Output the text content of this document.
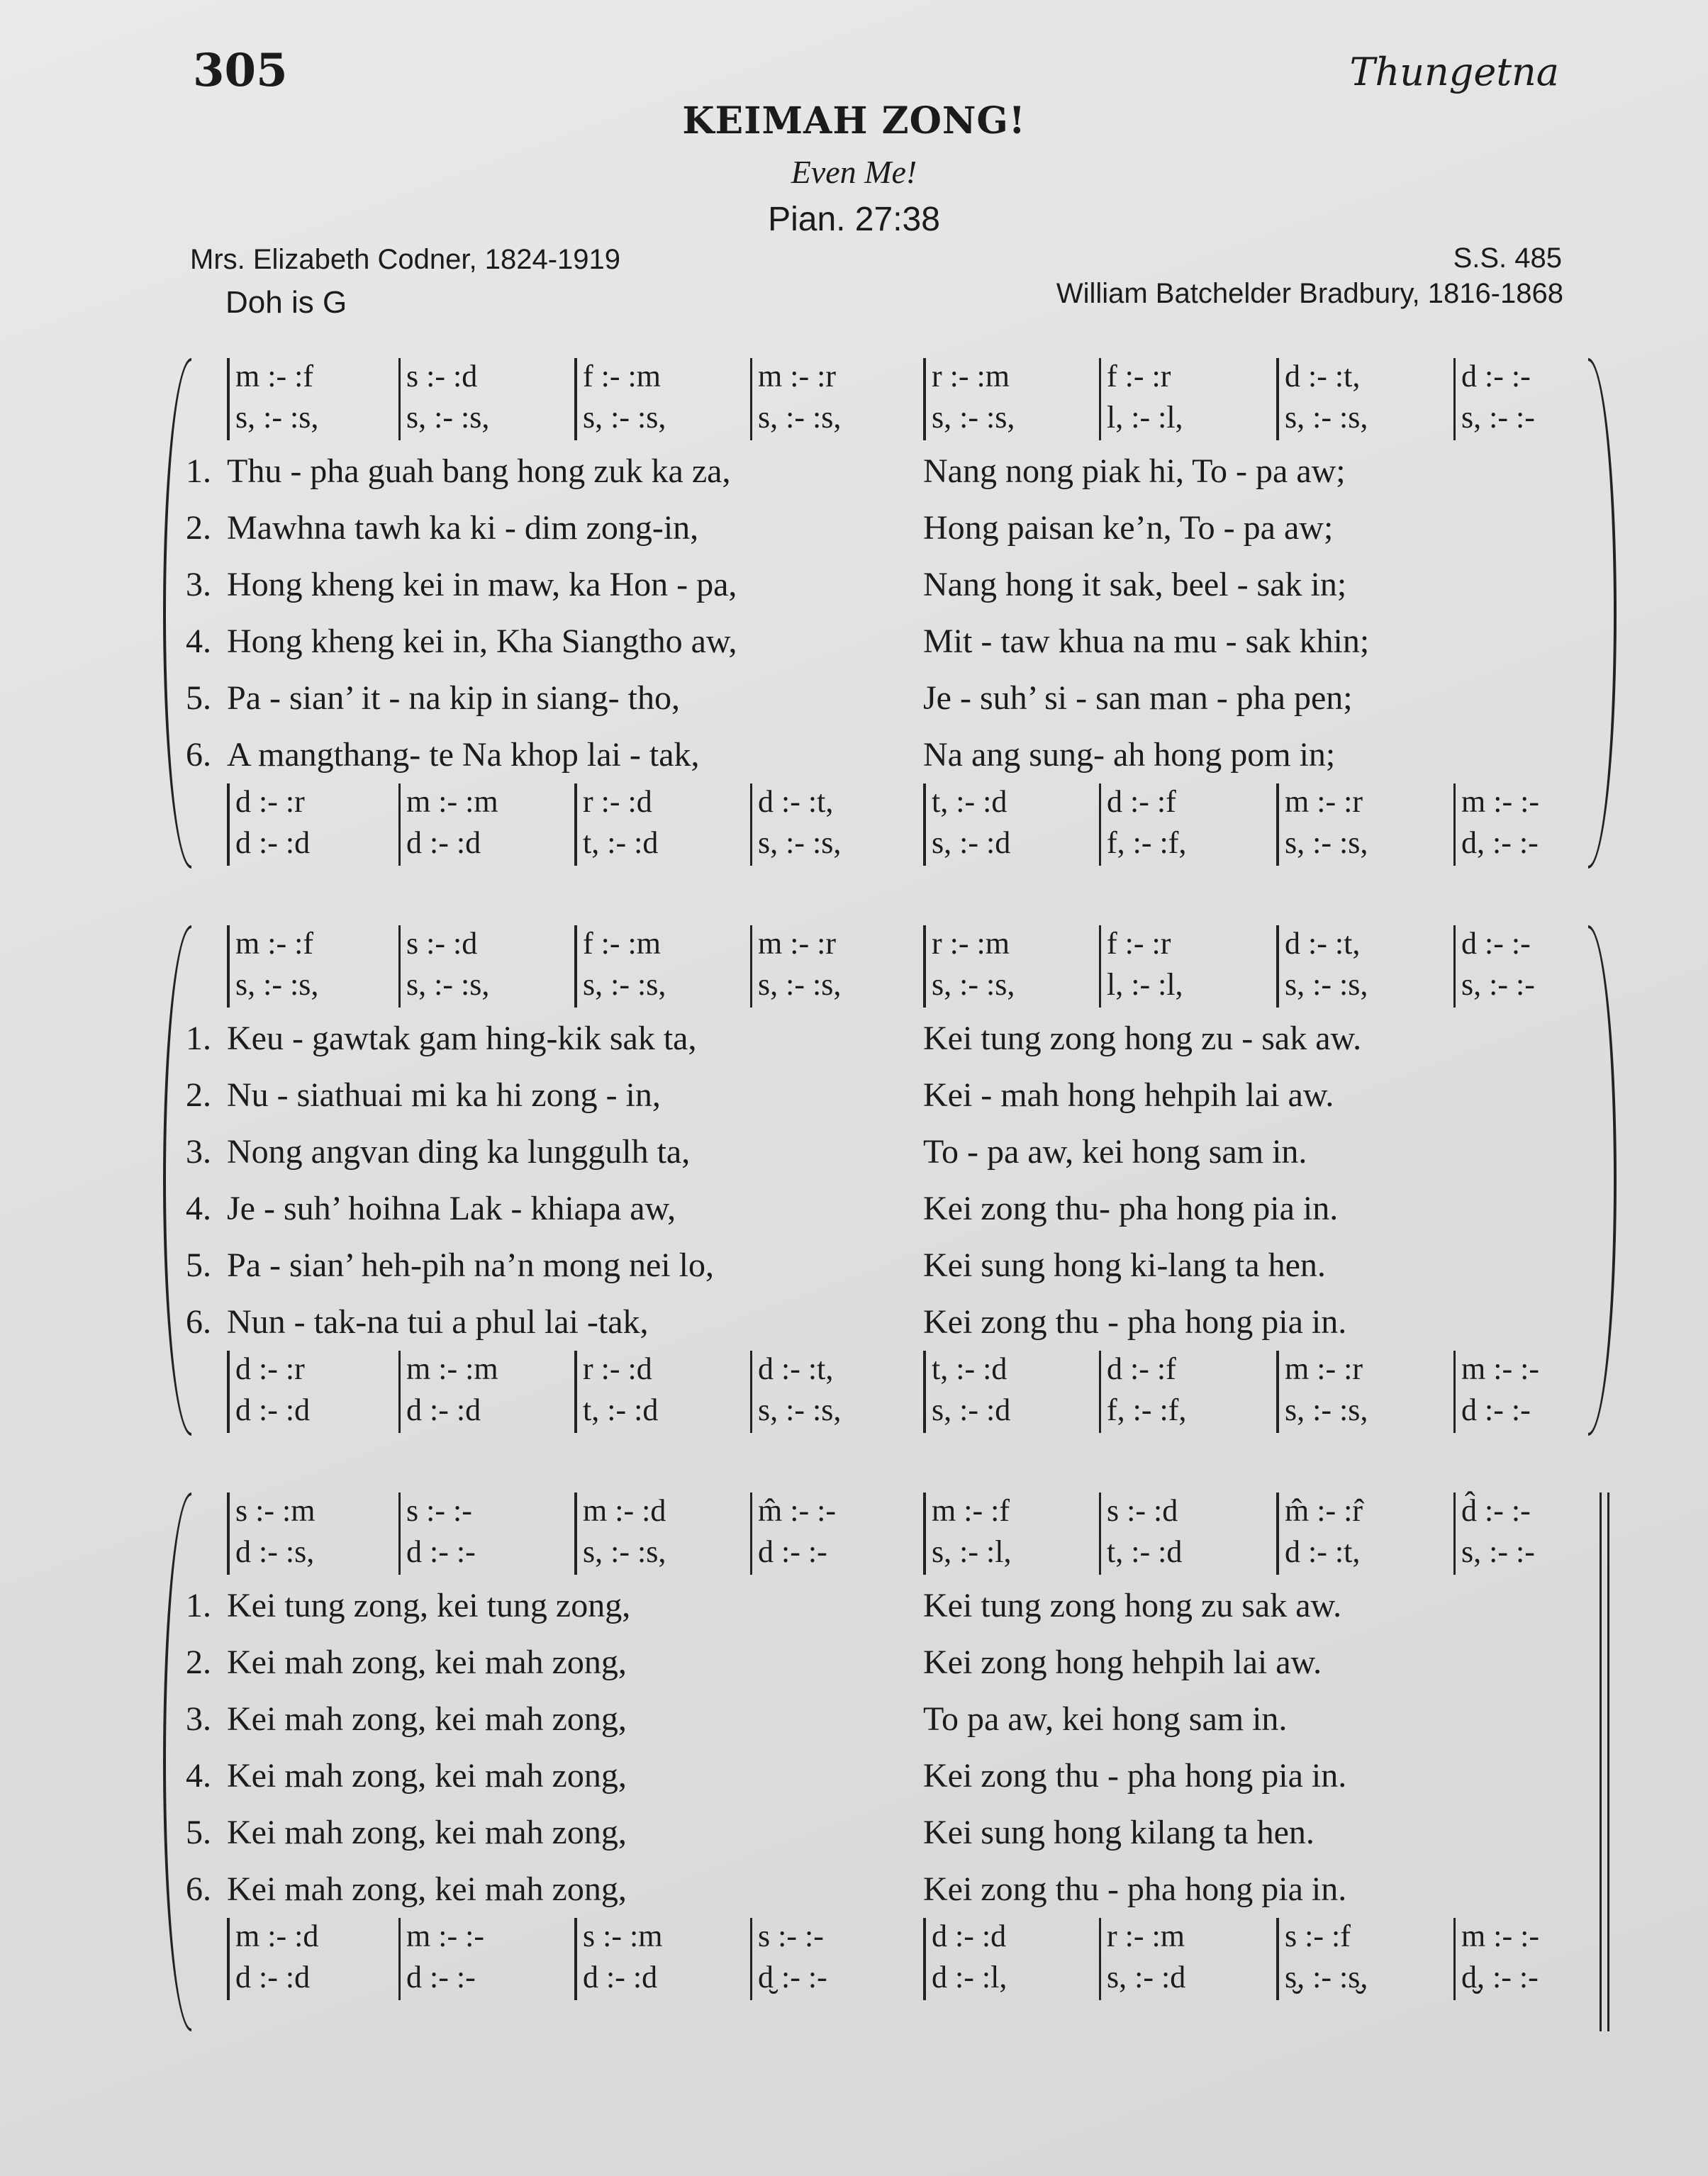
305	Thungetna
KEIMAH ZONG!
Even Me!
Pian. 27:38
Mrs. Elizabeth Codner, 1824-1919
Doh is G
S.S. 485
William Batchelder Bradbury, 1816-1868
m :- :f	s :- :d	f :- :m	m :- :r	r :- :m	f :- :r	d :- :t,	d :- :-
s, :- :s,	s, :- :s,	s, :- :s,	s, :- :s,	s, :- :s,	l, :- :l,	s, :- :s,	s, :- :-
1. Thu - pha guah bang hong zuk ka za,	Nang nong piak hi, To - pa aw;
2. Mawhna tawh ka ki - dim zong-in,	Hong paisan ke’n, To - pa aw;
3. Hong kheng kei in maw, ka Hon - pa,	Nang hong it sak, beel - sak in;
4. Hong kheng kei in, Kha Siangtho aw,	Mit - taw khua na mu - sak khin;
5. Pa - sian’ it - na kip in siang- tho,	Je - suh’ si - san man - pha pen;
6. A mangthang- te Na khop lai - tak,	Na ang sung- ah hong pom in;
d :- :r	m :- :m	r :- :d	d :- :t,	t, :- :d	d :- :f	m :- :r	m :- :-
d :- :d	d :- :d	t, :- :d	s, :- :s,	s, :- :d	f, :- :f,	s, :- :s,	d, :- :-
m :- :f	s :- :d	f :- :m	m :- :r	r :- :m	f :- :r	d :- :t,	d :- :-
s, :- :s,	s, :- :s,	s, :- :s,	s, :- :s,	s, :- :s,	l, :- :l,	s, :- :s,	s, :- :-
1. Keu - gawtak gam hing-kik sak ta,	Kei tung zong hong zu - sak aw.
2. Nu - siathuai mi ka hi zong - in,	Kei - mah hong hehpih lai aw.
3. Nong angvan ding ka lunggulh ta,	To - pa aw, kei hong sam in.
4. Je - suh’ hoihna Lak - khiapa aw,	Kei zong thu- pha hong pia in.
5. Pa - sian’ heh-pih na’n mong nei lo,	Kei sung hong ki-lang ta hen.
6. Nun - tak-na tui a phul lai -tak,	Kei zong thu - pha hong pia in.
d :- :r	m :- :m	r :- :d	d :- :t,	t, :- :d	d :- :f	m :- :r	m :- :-
d :- :d	d :- :d	t, :- :d	s, :- :s,	s, :- :d	f, :- :f,	s, :- :s,	d :- :-
s :- :m	s :- :-	m :- :d	m̂ :- :-	m :- :f	s :- :d	m̂ :- :r̂	d̂ :- :-
d :- :s,	d :- :-	s, :- :s,	d :- :-	s, :- :l,	t, :- :d	d :- :t,	s, :- :-
1. Kei tung zong, kei tung zong,	Kei tung zong hong zu sak aw.
2. Kei mah zong, kei mah zong,	Kei zong hong hehpih lai aw.
3. Kei mah zong, kei mah zong,	To pa aw, kei hong sam in.
4. Kei mah zong, kei mah zong,	Kei zong thu - pha hong pia in.
5. Kei mah zong, kei mah zong,	Kei sung hong kilang ta hen.
6. Kei mah zong, kei mah zong,	Kei zong thu - pha hong pia in.
m :- :d	m :- :-	s :- :m	s :- :-	d :- :d	r :- :m	s :- :f	m :- :-
d :- :d	d :- :-	d :- :d	d̮ :- :-	d :- :l,	s, :- :d	s̮, :- :s̮,	d̮, :- :-
